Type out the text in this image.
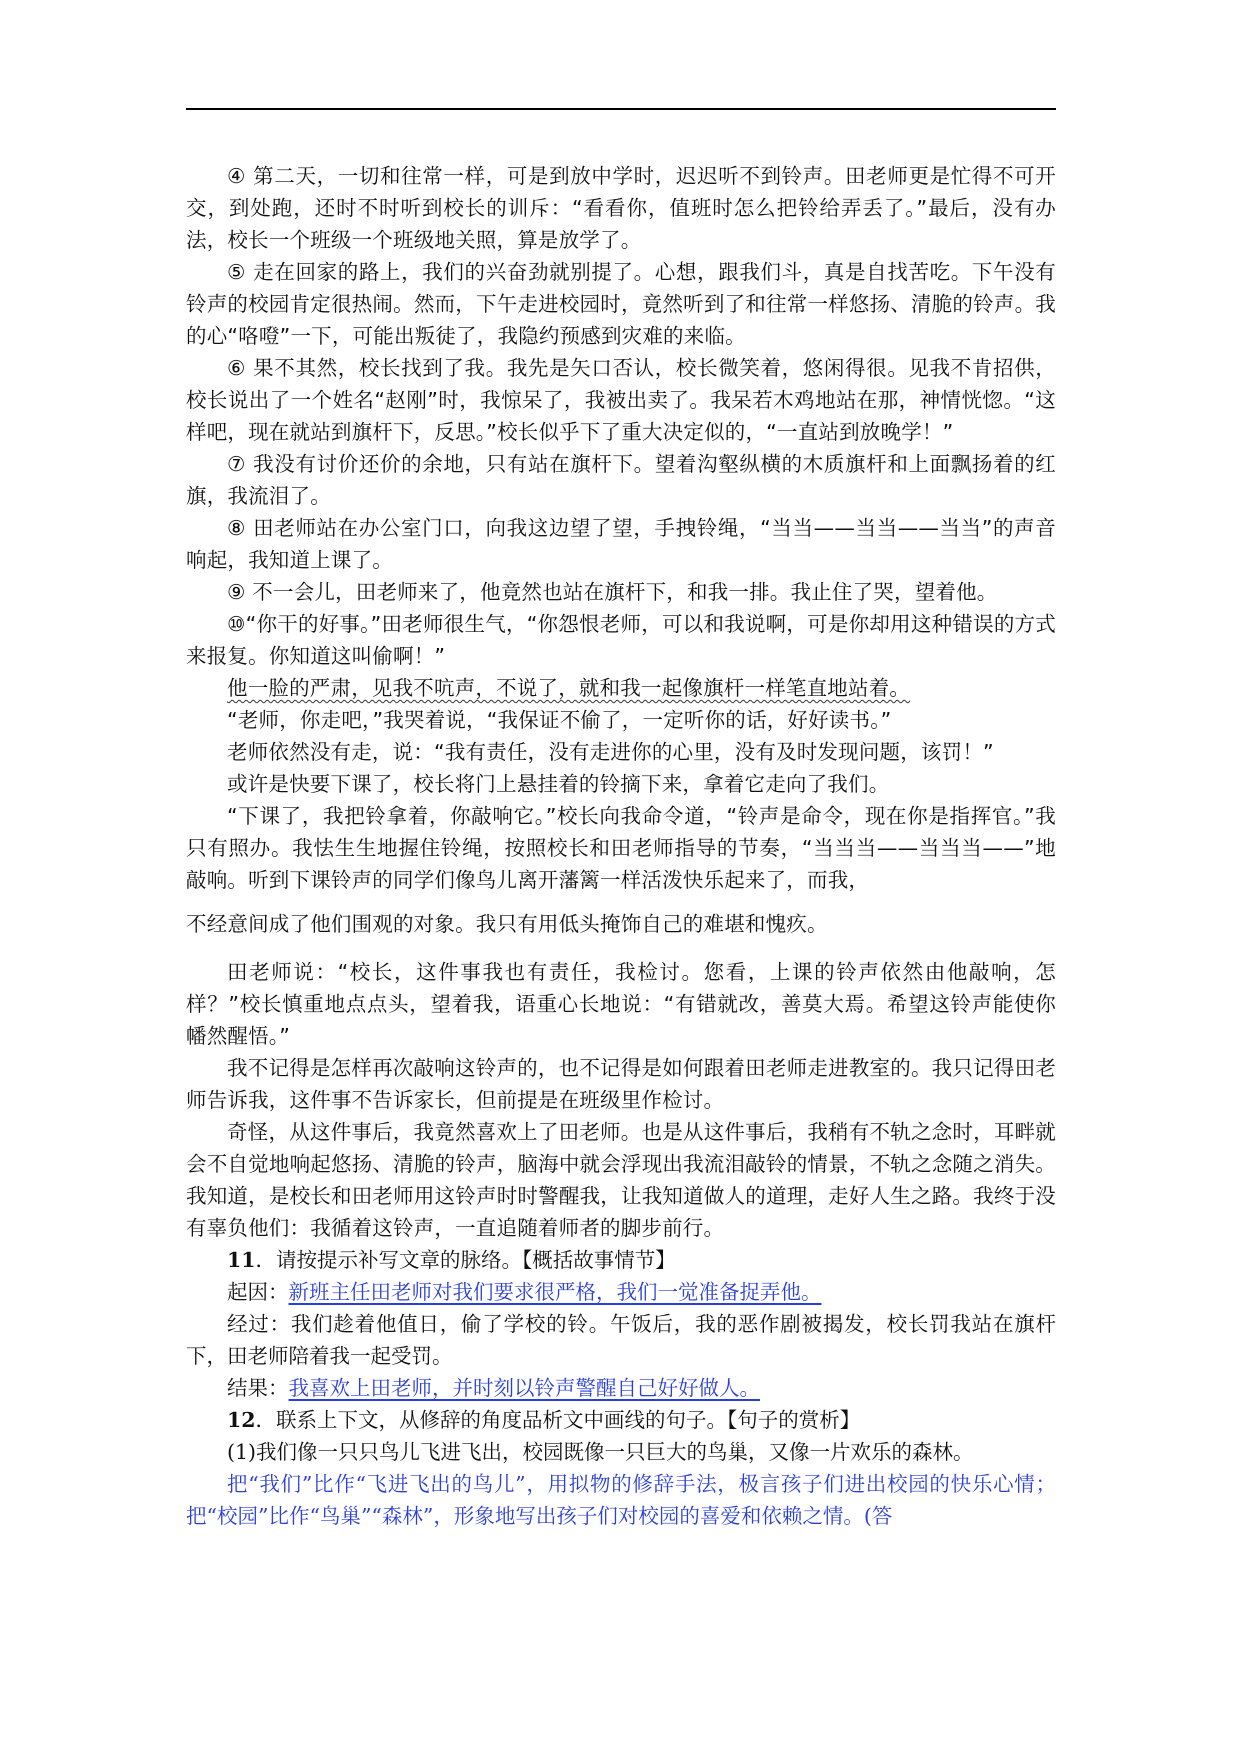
④ 第二天，一切和往常一样，可是到放中学时，迟迟听不到铃声。田老师更是忙得不可开交，到处跑，还时不时听到校长的训斥：“看看你，值班时怎么把铃给弄丢了。”最后，没有办法，校长一个班级一个班级地关照，算是放学了。

⑤ 走在回家的路上，我们的兴奋劲就别提了。心想，跟我们斗，真是自找苦吃。下午没有铃声的校园肯定很热闹。然而，下午走进校园时，竟然听到了和往常一样悠扬、清脆的铃声。我的心“咯噔”一下，可能出叛徒了，我隐约预感到灾难的来临。

⑥ 果不其然，校长找到了我。我先是矢口否认，校长微笑着，悠闲得很。见我不肯招供，校长说出了一个姓名“赵刚”时，我惊呆了，我被出卖了。我呆若木鸡地站在那，神情恍惚。“这样吧，现在就站到旗杆下，反思。”校长似乎下了重大决定似的，“一直站到放晚学！”

⑦ 我没有讨价还价的余地，只有站在旗杆下。望着沟壑纵横的木质旗杆和上面飘扬着的红旗，我流泪了。

⑧ 田老师站在办公室门口，向我这边望了望，手拽铃绳，“当当——当当——当当”的声音响起，我知道上课了。

⑨ 不一会儿，田老师来了，他竟然也站在旗杆下，和我一排。我止住了哭，望着他。

⑩“你干的好事。”田老师很生气，“你怨恨老师，可以和我说啊，可是你却用这种错误的方式来报复。你知道这叫偷啊！”

他一脸的严肃，见我不吭声，不说了，就和我一起像旗杆一样笔直地站着。

“老师，你走吧，”我哭着说，“我保证不偷了，一定听你的话，好好读书。”

老师依然没有走，说：“我有责任，没有走进你的心里，没有及时发现问题，该罚！”

或许是快要下课了，校长将门上悬挂着的铃摘下来，拿着它走向了我们。

“下课了，我把铃拿着，你敲响它。”校长向我命令道，“铃声是命令，现在你是指挥官。”我只有照办。我怯生生地握住铃绳，按照校长和田老师指导的节奏，“当当当——当当当——”地敲响。听到下课铃声的同学们像鸟儿离开藩篱一样活泼快乐起来了，而我，

不经意间成了他们围观的对象。我只有用低头掩饰自己的难堪和愧疚。

田老师说：“校长，这件事我也有责任，我检讨。您看，上课的铃声依然由他敲响，怎样？”校长慎重地点点头，望着我，语重心长地说：“有错就改，善莫大焉。希望这铃声能使你幡然醒悟。”

我不记得是怎样再次敲响这铃声的，也不记得是如何跟着田老师走进教室的。我只记得田老师告诉我，这件事不告诉家长，但前提是在班级里作检讨。

奇怪，从这件事后，我竟然喜欢上了田老师。也是从这件事后，我稍有不轨之念时，耳畔就会不自觉地响起悠扬、清脆的铃声，脑海中就会浮现出我流泪敲铃的情景，不轨之念随之消失。我知道，是校长和田老师用这铃声时时警醒我，让我知道做人的道理，走好人生之路。我终于没有辜负他们：我循着这铃声，一直追随着师者的脚步前行。

11．请按提示补写文章的脉络。【概括故事情节】

起因：新班主任田老师对我们要求很严格，我们一觉准备捉弄他。

经过：我们趁着他值日，偷了学校的铃。午饭后，我的恶作剧被揭发，校长罚我站在旗杆下，田老师陪着我一起受罚。

结果：我喜欢上田老师，并时刻以铃声警醒自己好好做人。

12．联系上下文，从修辞的角度品析文中画线的句子。【句子的赏析】

(1)我们像一只只鸟儿飞进飞出，校园既像一只巨大的鸟巢，又像一片欢乐的森林。

把“我们”比作“飞进飞出的鸟儿”，用拟物的修辞手法，极言孩子们进出校园的快乐心情；把“校园”比作“鸟巢”“森林”，形象地写出孩子们对校园的喜爱和依赖之情。(答
